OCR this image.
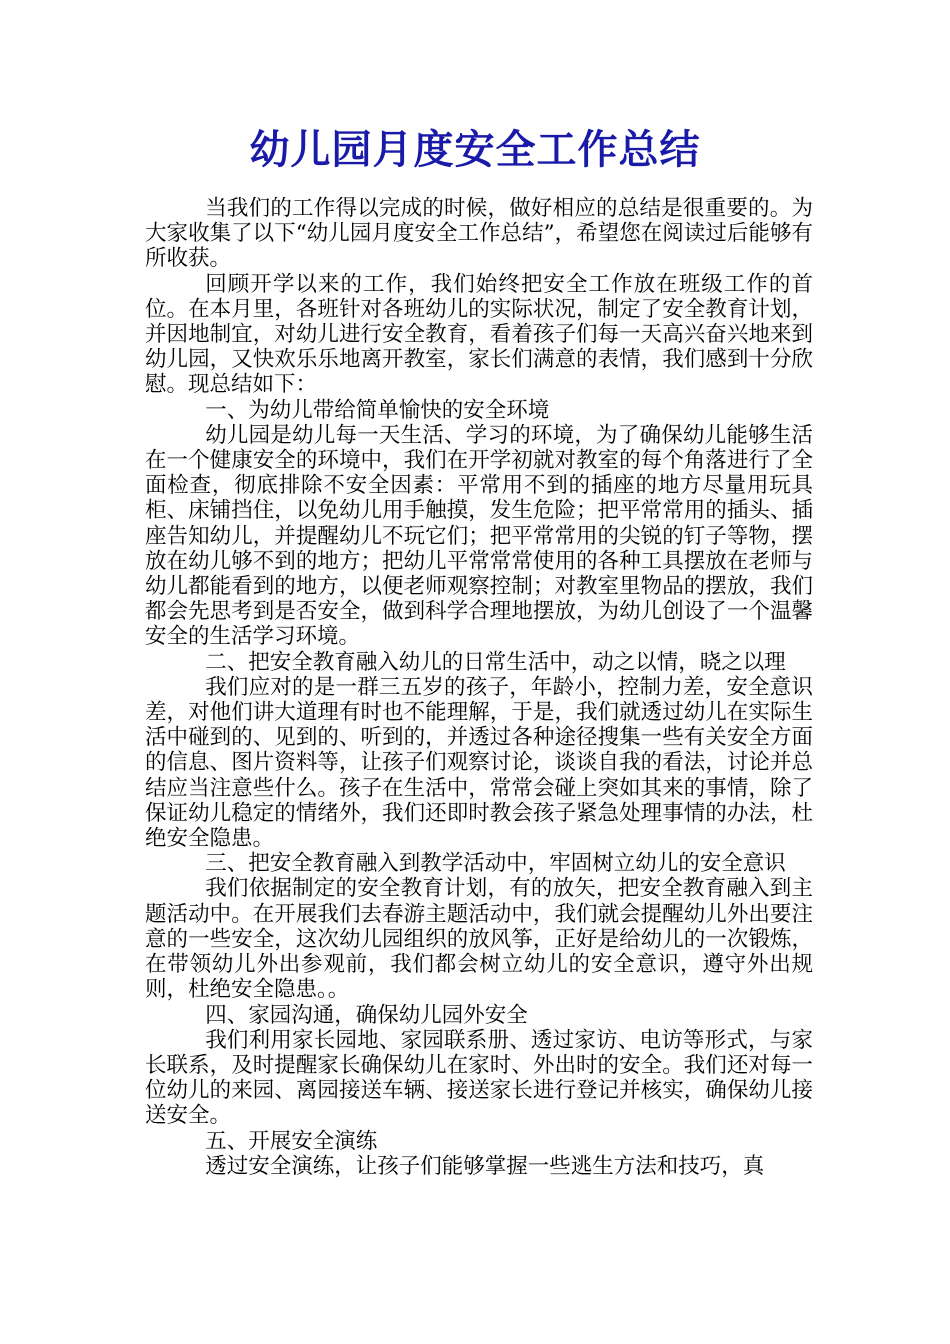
幼儿园月度安全工作总结

当我们的工作得以完成的时候，做好相应的总结是很重要的。为大家收集了以下“幼儿园月度安全工作总结”，希望您在阅读过后能够有所收获。

回顾开学以来的工作，我们始终把安全工作放在班级工作的首位。在本月里，各班针对各班幼儿的实际状况，制定了安全教育计划，并因地制宜，对幼儿进行安全教育，看着孩子们每一天高兴奋兴地来到幼儿园，又快欢乐乐地离开教室，家长们满意的表情，我们感到十分欣慰。现总结如下：

一、为幼儿带给简单愉快的安全环境

幼儿园是幼儿每一天生活、学习的环境，为了确保幼儿能够生活在一个健康安全的环境中，我们在开学初就对教室的每个角落进行了全面检查，彻底排除不安全因素：平常用不到的插座的地方尽量用玩具柜、床铺挡住，以免幼儿用手触摸，发生危险；把平常常用的插头、插座告知幼儿，并提醒幼儿不玩它们；把平常常用的尖锐的钉子等物，摆放在幼儿够不到的地方；把幼儿平常常常使用的各种工具摆放在老师与幼儿都能看到的地方，以便老师观察控制；对教室里物品的摆放，我们都会先思考到是否安全，做到科学合理地摆放，为幼儿创设了一个温馨安全的生活学习环境。

二、把安全教育融入幼儿的日常生活中，动之以情，晓之以理

我们应对的是一群三五岁的孩子，年龄小，控制力差，安全意识差，对他们讲大道理有时也不能理解，于是，我们就透过幼儿在实际生活中碰到的、见到的、听到的，并透过各种途径搜集一些有关安全方面的信息、图片资料等，让孩子们观察讨论，谈谈自我的看法，讨论并总结应当注意些什么。孩子在生活中，常常会碰上突如其来的事情，除了保证幼儿稳定的情绪外，我们还即时教会孩子紧急处理事情的办法，杜绝安全隐患。

三、把安全教育融入到教学活动中，牢固树立幼儿的安全意识

我们依据制定的安全教育计划，有的放矢，把安全教育融入到主题活动中。在开展我们去春游主题活动中，我们就会提醒幼儿外出要注意的一些安全，这次幼儿园组织的放风筝，正好是给幼儿的一次锻炼，在带领幼儿外出参观前，我们都会树立幼儿的安全意识，遵守外出规则，杜绝安全隐患。。

四、家园沟通，确保幼儿园外安全

我们利用家长园地、家园联系册、透过家访、电访等形式，与家长联系，及时提醒家长确保幼儿在家时、外出时的安全。我们还对每一位幼儿的来园、离园接送车辆、接送家长进行登记并核实，确保幼儿接送安全。

五、开展安全演练

透过安全演练，让孩子们能够掌握一些逃生方法和技巧，真
